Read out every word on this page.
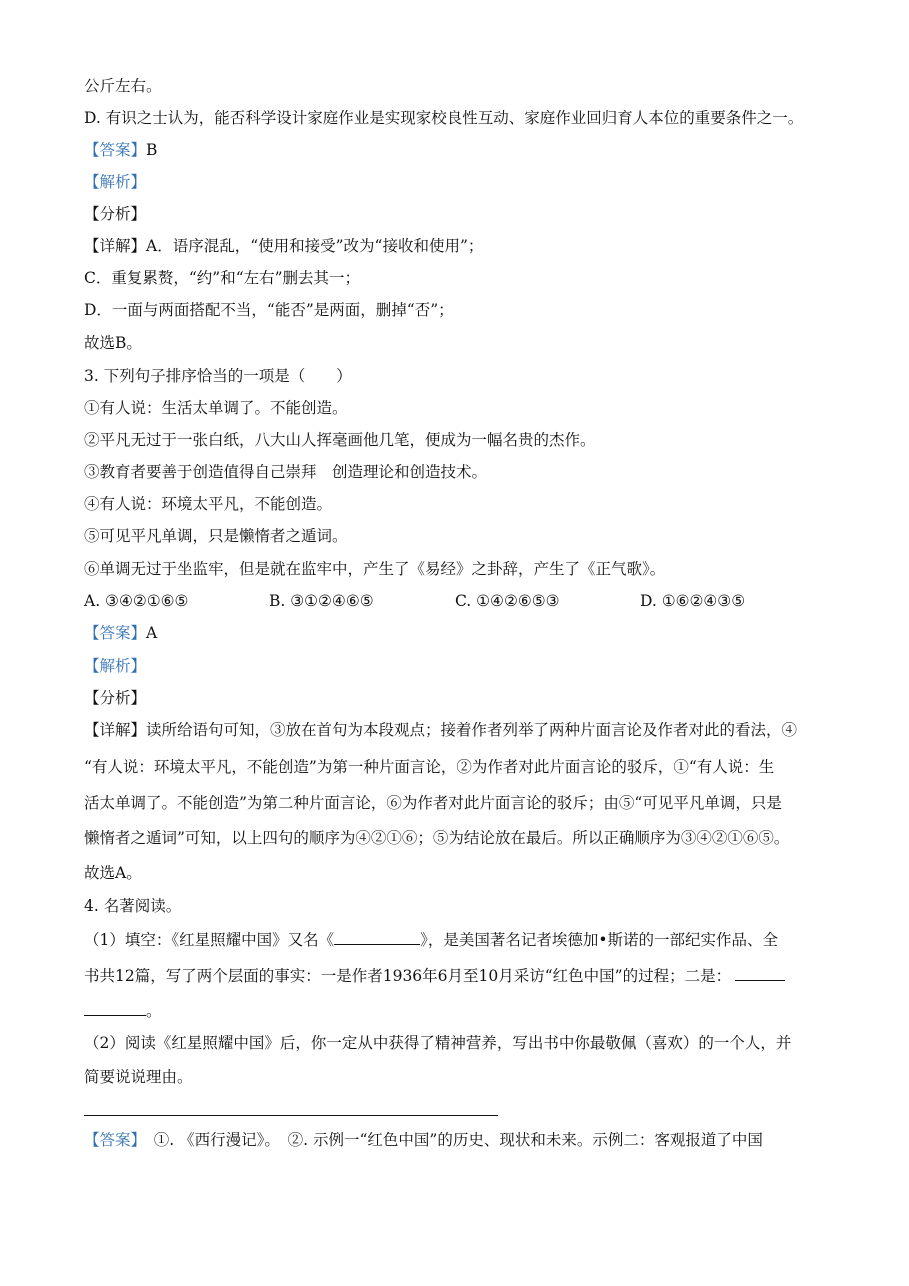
公斤左右。
D. 有识之士认为，能否科学设计家庭作业是实现家校良性互动、家庭作业回归育人本位的重要条件之一。
【答案】B
【解析】
【分析】
【详解】A．语序混乱，“使用和接受”改为“接收和使用”；
C．重复累赘，“约”和“左右”删去其一；
D．一面与两面搭配不当，“能否”是两面，删掉“否”；
故选B。
3. 下列句子排序恰当的一项是（　　）
①有人说：生活太单调了。不能创造。
②平凡无过于一张白纸，八大山人挥毫画他几笔，便成为一幅名贵的杰作。
③教育者要善于创造值得自己崇拜　创造理论和创造技术。
④有人说：环境太平凡，不能创造。
⑤可见平凡单调，只是懒惰者之遁词。
⑥单调无过于坐监牢，但是就在监牢中，产生了《易经》之卦辞，产生了《正气歌》。
A. ③④②①⑥⑤	B. ③①②④⑥⑤	C. ①④②⑥⑤③	D. ①⑥②④③⑤
【答案】A
【解析】
【分析】
【详解】读所给语句可知，③放在首句为本段观点；接着作者列举了两种片面言论及作者对此的看法，④
“有人说：环境太平凡，不能创造”为第一种片面言论，②为作者对此片面言论的驳斥，①“有人说：生
活太单调了。不能创造”为第二种片面言论，⑥为作者对此片面言论的驳斥；由⑤“可见平凡单调，只是
懒惰者之遁词”可知，以上四句的顺序为④②①⑥；⑤为结论放在最后。所以正确顺序为③④②①⑥⑤。
故选A。
4. 名著阅读。
（1）填空：《红星照耀中国》又名《	》，是美国著名记者埃德加•斯诺的一部纪实作品、全
书共12篇，写了两个层面的事实：一是作者1936年6月至10月采访“红色中国”的过程；二是：
。
（2）阅读《红星照耀中国》后，你一定从中获得了精神营养，写出书中你最敬佩（喜欢）的一个人，并
简要说说理由。
【答案】　①. 《西行漫记》。　②. 示例一“红色中国”的历史、现状和未来。示例二：客观报道了中国
